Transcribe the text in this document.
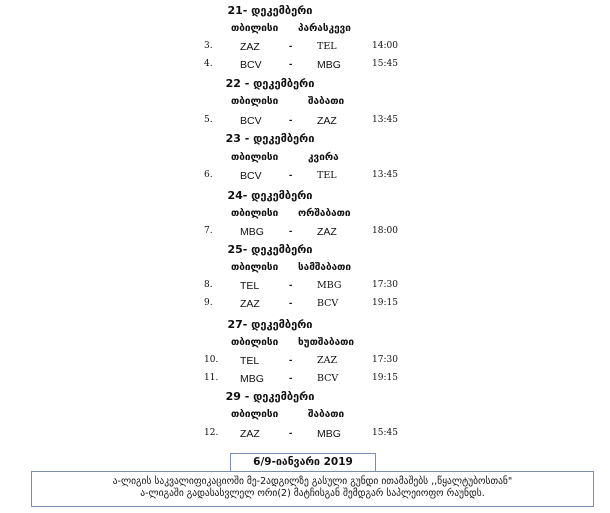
21- დეკემბერი
თბილისი პარასკევი
3.	ZAZ	-	TEL	14:00
4.	BCV	- MBG	15:45
22 - დეკემბერი
თბილისი	შაბათი
5.	BCV	- ZAZ	13:45
23 - დეკემბერი
თბილისი	კვირა
6.	BCV	-	TEL	13:45
24- დეკემბერი
თბილისი ორშაბათი
7.	MBG	- ZAZ	18:00
25- დეკემბერი
თბილისი სამშაბათი
8.	TEL	-	MBG	17:30
9.	ZAZ	-	BCV	19:15
27- დეკემბერი
თბილისი ხუთშაბათი
10. TEL	-	ZAZ	17:30
11. MBG	-	BCV	19:15
29 - დეკემბერი
თბილისი	შაბათი
12. ZAZ	- MBG	15:45
6/9-იანვარი 2019
ა-ლიგის საკვალიფიკაციოში მე-2ადგილზე გასული გუნდი ითამაშებს ,,წყალტუბოსთან"
ა-ლიგაში გადასასვლელ ორი(2) მატჩისგან შემდგარ საპლეიოფო რაუნდს.
